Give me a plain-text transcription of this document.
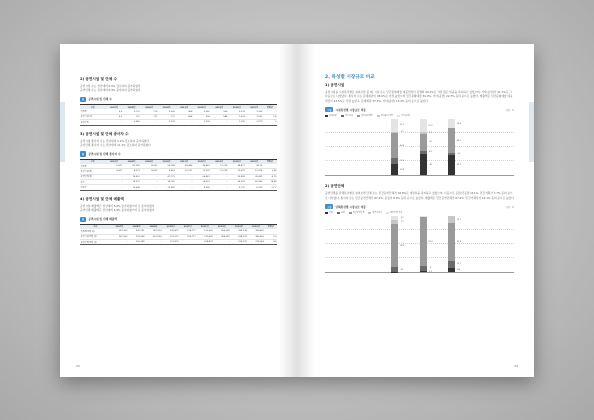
2) 공연시설 및 단체 수
공연시설 수는 전년대비 0.0% 감소하여 증가하였다
공연단체 수는 전년대비 0.4% 증가하여 증가하였다
표	공연시설 및 단체 수
구분	2007년	2008년	2009년	2010년	2011년	2012년	2013년	2014년	2015년	연평균
전체계	4.0	3,770	775	3,026	868	3,262	906	3,378	3,109	-
공연시설(개)	4.0	722	772	775	868	906	984	1,024	1,025	1.8
공연단체	-	2,660	-	2,278	-	2,199	-	2,295	2,275	0
3) 공연시설 및 단체 종사자 수
공연시설 종사자 수는 전년대비 1.2% 감소하여 증가하였다
공연단체 종사자 수는 전년대비 11.1% 감소하여 증가하였다
표	공연시설 및 단체 종사자 수
구분	2007년	2008년	2009년	2010년	2011년	2012년	2013년	2014년	2015년	연평균
전체계	9,427	87,283	8,262	56,786	83,486	40,481	71,278	48,877	40,76	-
공연시설(명)	9,427	8,373	8,262	8,425	10,237	11,225	11,278	12,637	12,274	2.96
공연단체(명)	-	78,910	-	47,775	-	66,867	-	35,899	30,425	-0.79
상근	-	18,372	-	18,742	-	18,022	-	36,291	42,360	14.38
비상근	-	16,408	-	13,380	-	8,590	-	5,770	6,203	-17.7
4) 공연시설 및 단체 매출액
공연시설 매출액은 전년대비 5.0% 증가하였으며 또 증가하였다
공연단체 매출액은 전년대비 4.9% 증가하였으며 또 증가하였다
표	공연시설 및 단체 매출액
구분	2007년	2008년	2009년	2010년	2011년	2012년	2013년	2014년	2015년	연평균
전체계(백만 원)	287,303	342,291	367,914	341,872	214,777	270,600	456,285	398,378	380,481	-
공연시설(백만 원)	287,303	235,904	367,914	297,217	214,777	270,600	456,285	398,378	380,481	5.0
공연단체(백만 원)	-	205,398	-	221,875	-	228,874	-	295,125	276,059	4.9
22
2. 특성별 시장규모 비교
1) 공연시설
공연시설을 시설특성별로 살펴보면 볼 때, 시설 수는 민간문화예술 대공연장이 전체의 43.4%로 가장 많은 비중을 차지하고 있었으며, 기타(공연)가 21.7%로 그 다음으로 나타났다. 종사자 수는 문예회관이 38.0%로 가장 높았으며 민간문화예술 30.0%, 기타(공연) 22.7% 등의 순으로 높았다. 매출액은 민간문화예술 대공연장이 43.5%로 가장 높았고, 문예회관 37.3%, 기타(공연) 15.4% 등의 순으로 높았다
그림	시설특성별 시장규모 비중	단위 : %
문예회관	기타 공공	민간문화예술	대학로 소극장	기타(공연)
20.4
11.2
43.4
3.3
21.7
38
6.2
30
3.1
22.7
37.3
3.3
43.5
15.4
2) 공연단체
공연단체를 단체특성별로 살펴보면 단체 수는 민간공연단체가 76.8%로 대부분을 차지하고 있었으며, 다음으로 공립(국공립) 8.1%, 민간기획사 7.7% 등의 순으로 나타났다. 종사자 수는 민간공연단체가 87.4%, 공립이 8.0% 등의 순으로 높았다. 매출액은 민간공연단체가 67.4%, 민간기획사가 12.1% 등의 순으로 높았다
그림	단체특성별 시장규모 비중	단위 : %
국립	공립	민간공연단체	민간기획사	예술단체 기타
8.1
76.8
7.7
6.7
3.1
8
87.4
8.4
12.1
67.4
12.1
23
